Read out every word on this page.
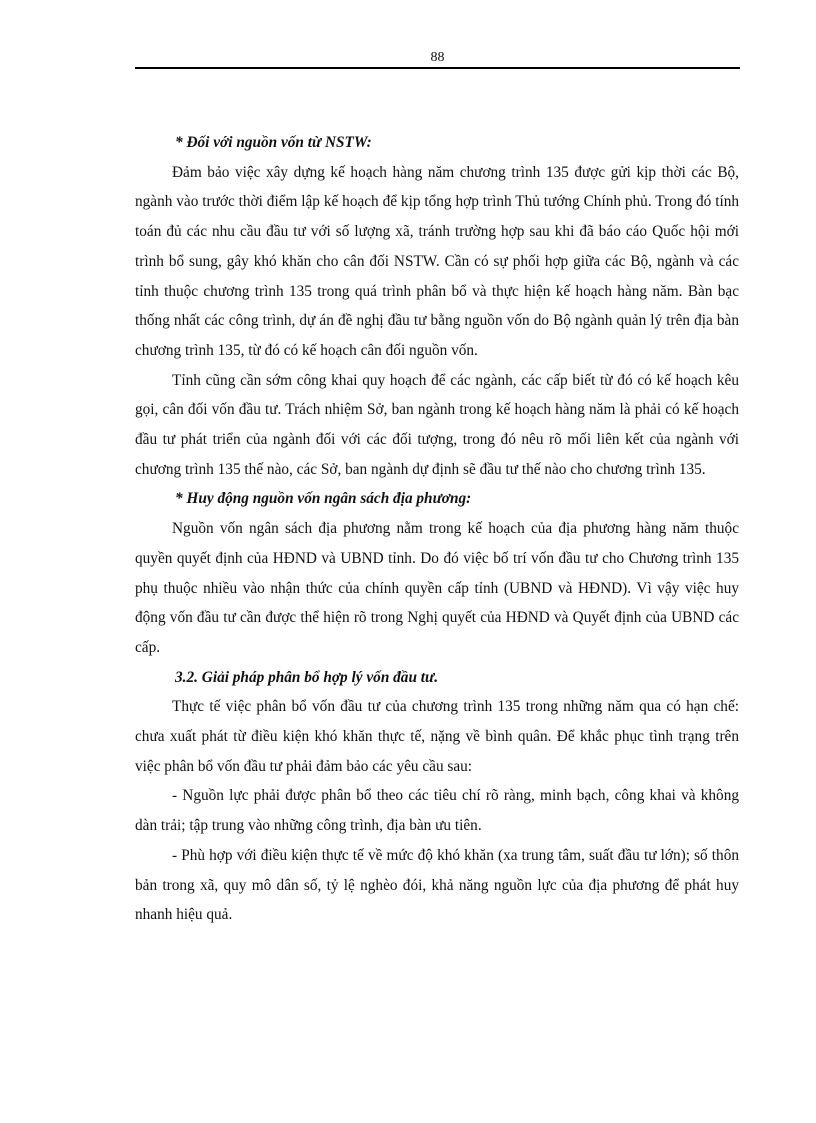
88

* Đối với nguồn vốn từ NSTW:

Đảm bảo việc xây dựng kế hoạch hàng năm chương trình 135 được gửi kịp thời các Bộ, ngành vào trước thời điểm lập kế hoạch để kịp tổng hợp trình Thủ tướng Chính phủ. Trong đó tính toán đủ các nhu cầu đầu tư với số lượng xã, tránh trường hợp sau khi đã báo cáo Quốc hội mới trình bổ sung, gây khó khăn cho cân đối NSTW. Cần có sự phối hợp giữa các Bộ, ngành và các tỉnh thuộc chương trình 135 trong quá trình phân bổ và thực hiện kế hoạch hàng năm. Bàn bạc thống nhất các công trình, dự án đề nghị đầu tư bằng nguồn vốn do Bộ ngành quản lý trên địa bàn chương trình 135, từ đó có kế hoạch cân đối nguồn vốn.

Tỉnh cũng cần sớm công khai quy hoạch để các ngành, các cấp biết từ đó có kế hoạch kêu gọi, cân đối vốn đầu tư. Trách nhiệm Sở, ban ngành trong kế hoạch hàng năm là phải có kế hoạch đầu tư phát triển của ngành đối với các đối tượng, trong đó nêu rõ mối liên kết của ngành với chương trình 135 thế nào, các Sở, ban ngành dự định sẽ đầu tư thế nào cho chương trình 135.

* Huy động nguồn vốn ngân sách địa phương:

Nguồn vốn ngân sách địa phương nằm trong kế hoạch của địa phương hàng năm thuộc quyền quyết định của HĐND và UBND tỉnh. Do đó việc bố trí vốn đầu tư cho Chương trình 135 phụ thuộc nhiều vào nhận thức của chính quyền cấp tỉnh (UBND và HĐND). Vì vậy việc huy động vốn đầu tư cần được thể hiện rõ trong Nghị quyết của HĐND và Quyết định của UBND các cấp.

3.2. Giải pháp phân bổ hợp lý vốn đầu tư.

Thực tế việc phân bổ vốn đầu tư của chương trình 135 trong những năm qua có hạn chế: chưa xuất phát từ điều kiện khó khăn thực tế, nặng về bình quân. Để khắc phục tình trạng trên việc phân bổ vốn đầu tư phải đảm bảo các yêu cầu sau:

- Nguồn lực phải được phân bổ theo các tiêu chí rõ ràng, minh bạch, công khai và không dàn trải; tập trung vào những công trình, địa bàn ưu tiên.

- Phù hợp với điều kiện thực tế về mức độ khó khăn (xa trung tâm, suất đầu tư lớn); số thôn bản trong xã, quy mô dân số, tỷ lệ nghèo đói, khả năng nguồn lực của địa phương để phát huy nhanh hiệu quả.
